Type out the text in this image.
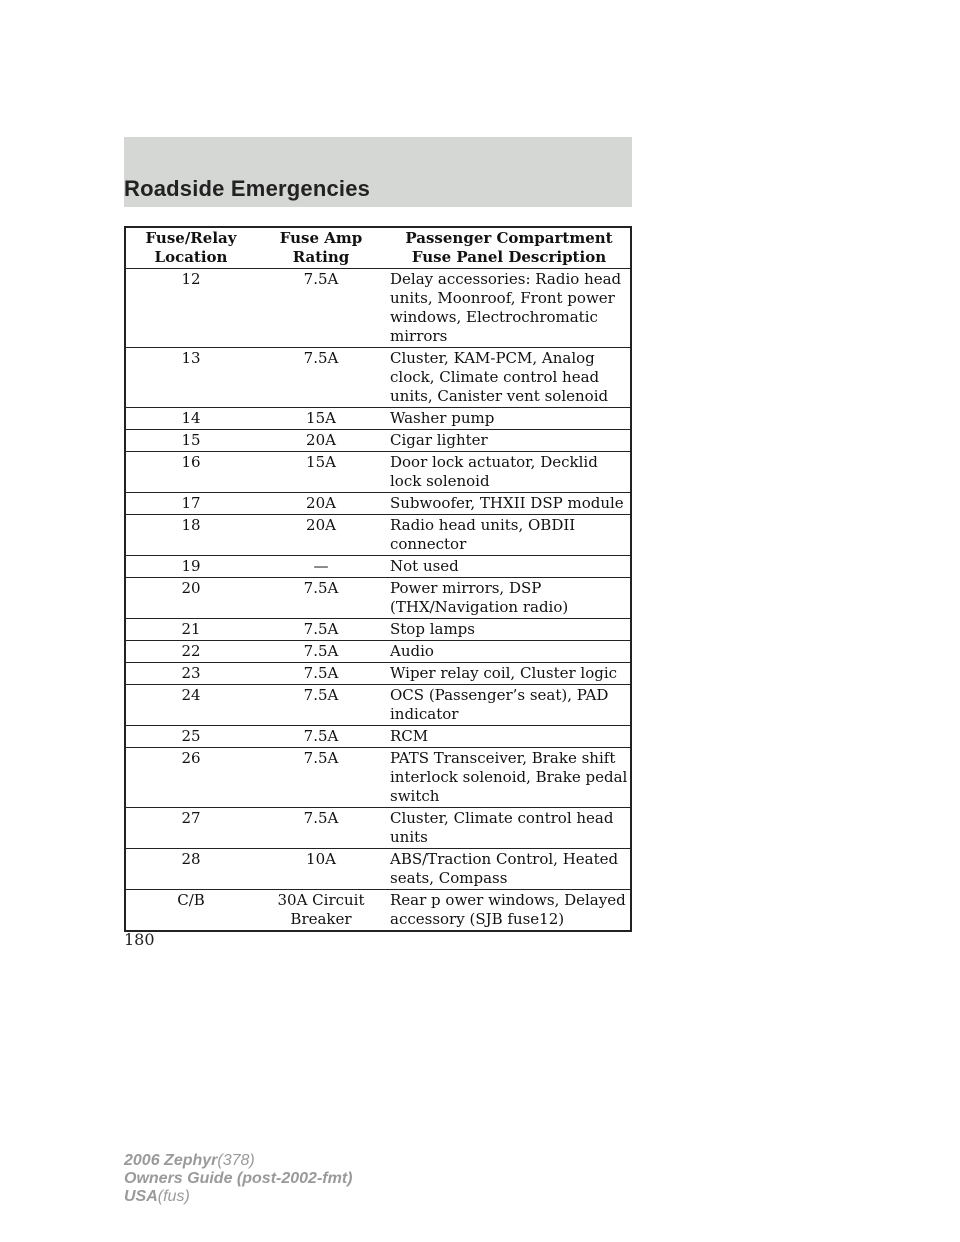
Roadside Emergencies
Fuse/Relay Location	Fuse Amp Rating	Passenger Compartment Fuse Panel Description
12	7.5A	Delay accessories: Radio head units, Moonroof, Front power windows, Electrochromatic mirrors
13	7.5A	Cluster, KAM-PCM, Analog clock, Climate control head units, Canister vent solenoid
14	15A	Washer pump
15	20A	Cigar lighter
16	15A	Door lock actuator, Decklid lock solenoid
17	20A	Subwoofer, THXII DSP module
18	20A	Radio head units, OBDII connector
19	—	Not used
20	7.5A	Power mirrors, DSP (THX/Navigation radio)
21	7.5A	Stop lamps
22	7.5A	Audio
23	7.5A	Wiper relay coil, Cluster logic
24	7.5A	OCS (Passenger’s seat), PAD indicator
25	7.5A	RCM
26	7.5A	PATS Transceiver, Brake shift interlock solenoid, Brake pedal switch
27	7.5A	Cluster, Climate control head units
28	10A	ABS/Traction Control, Heated seats, Compass
C/B	30A Circuit Breaker	Rear p ower windows, Delayed accessory (SJB fuse12)
180
2006 Zephyr(378)
Owners Guide (post-2002-fmt)
USA(fus)
